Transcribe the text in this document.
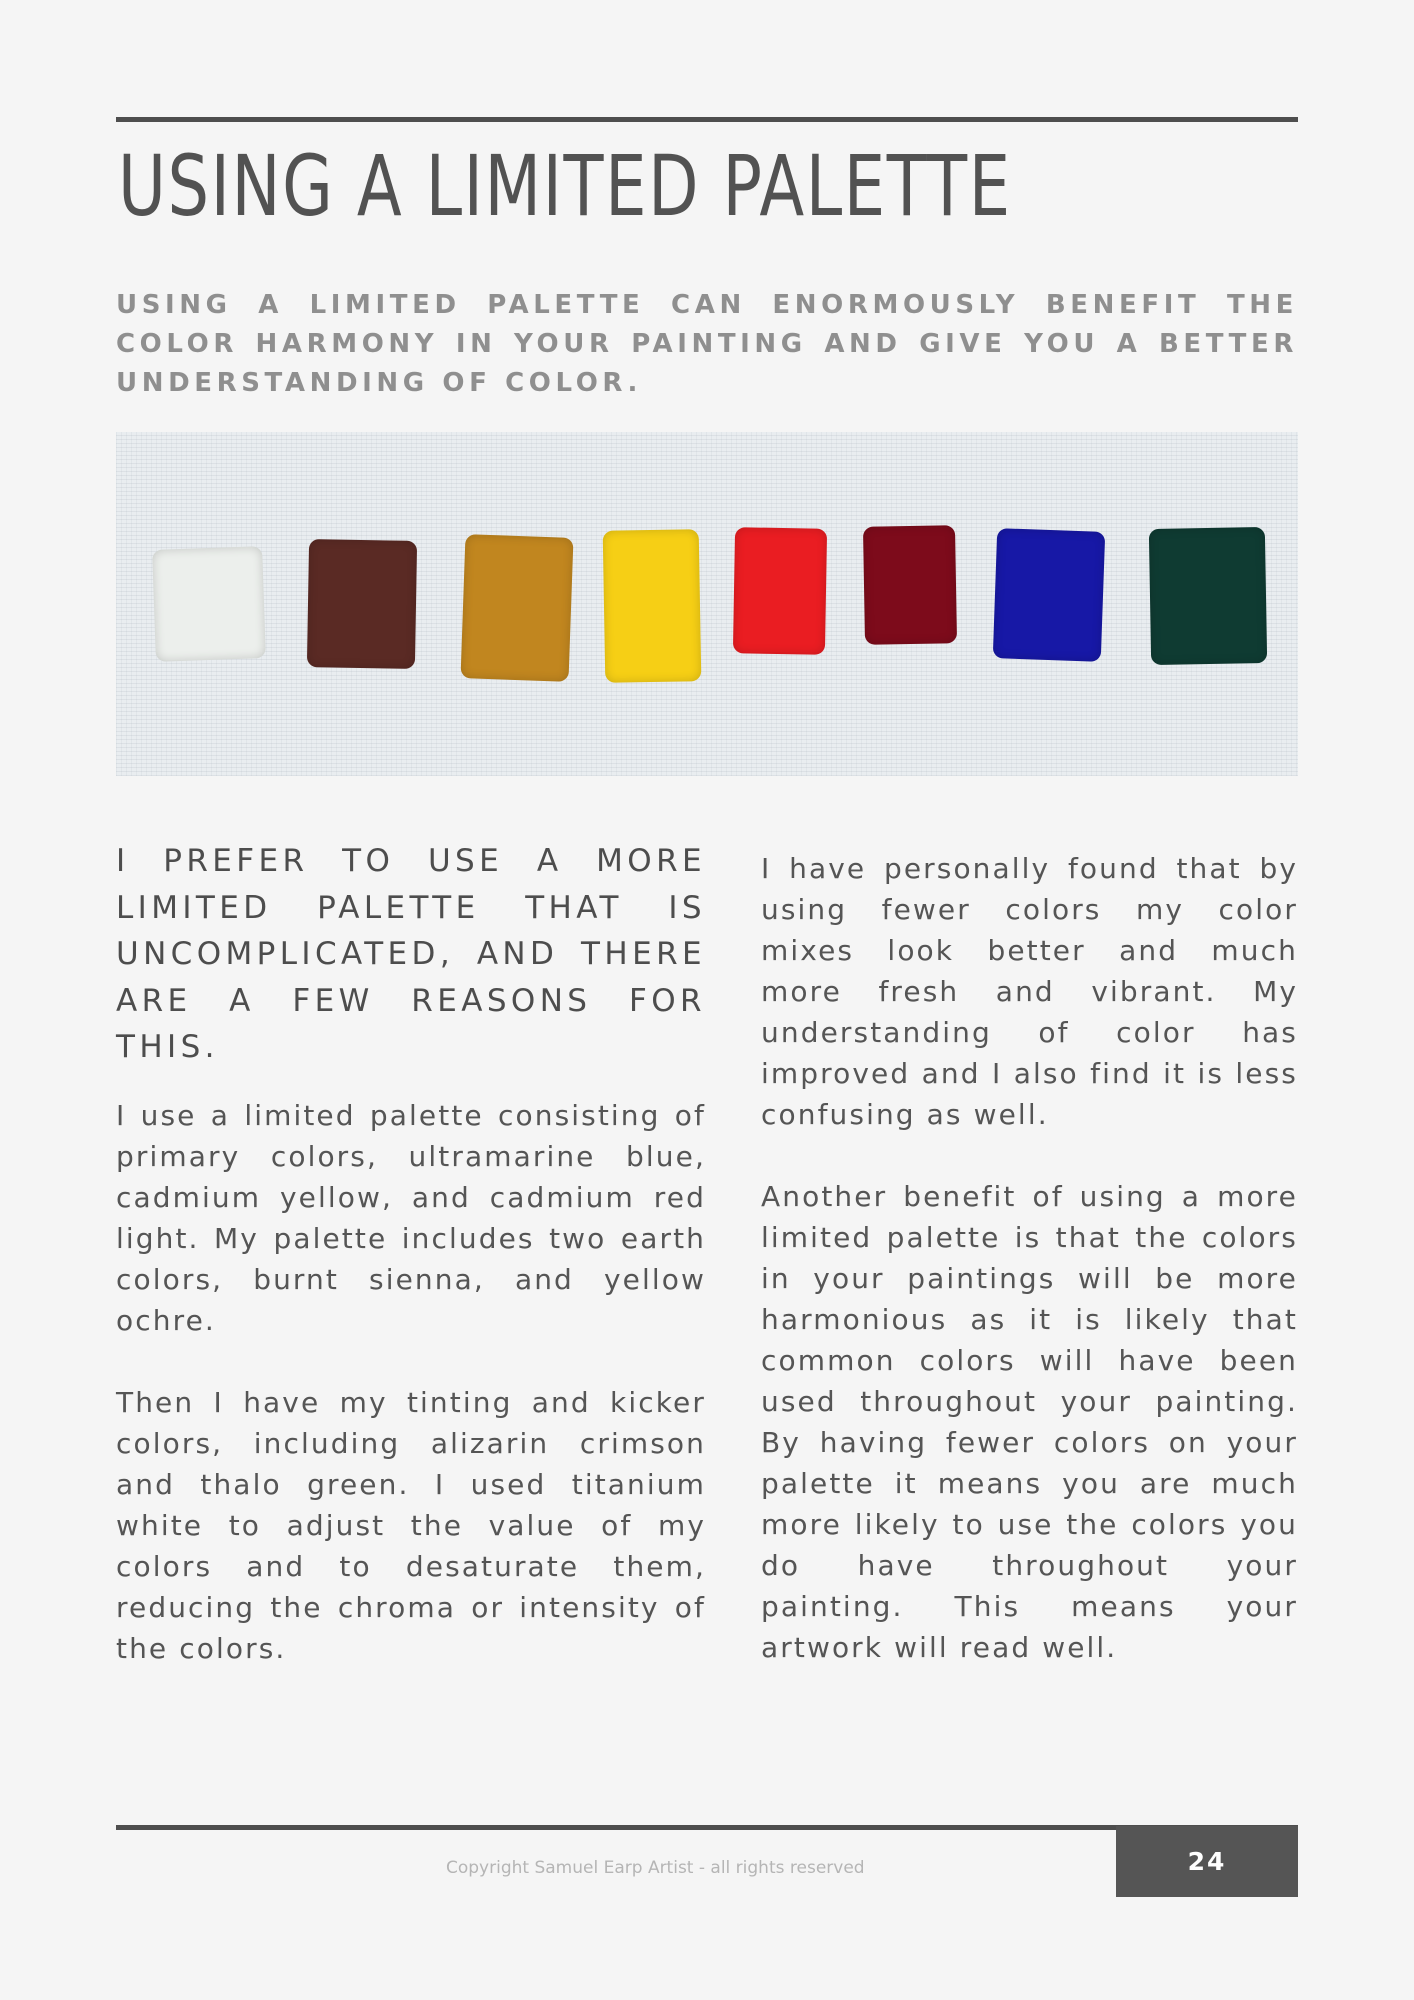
USING A LIMITED PALETTE

USING A LIMITED PALETTE CAN ENORMOUSLY BENEFIT THE COLOR HARMONY IN YOUR PAINTING AND GIVE YOU A BETTER UNDERSTANDING OF COLOR.

I PREFER TO USE A MORE LIMITED PALETTE THAT IS UNCOMPLICATED, AND THERE ARE A FEW REASONS FOR THIS.

I use a limited palette consisting of primary colors, ultramarine blue, cadmium yellow, and cadmium red light. My palette includes two earth colors, burnt sienna, and yellow ochre.

Then I have my tinting and kicker colors, including alizarin crimson and thalo green. I used titanium white to adjust the value of my colors and to desaturate them, reducing the chroma or intensity of the colors.

I have personally found that by using fewer colors my color mixes look better and much more fresh and vibrant. My understanding of color has improved and I also find it is less confusing as well.

Another benefit of using a more limited palette is that the colors in your paintings will be more harmonious as it is likely that common colors will have been used throughout your painting. By having fewer colors on your palette it means you are much more likely to use the colors you do have throughout your painting. This means your artwork will read well.

Copyright Samuel Earp Artist - all rights reserved	24
